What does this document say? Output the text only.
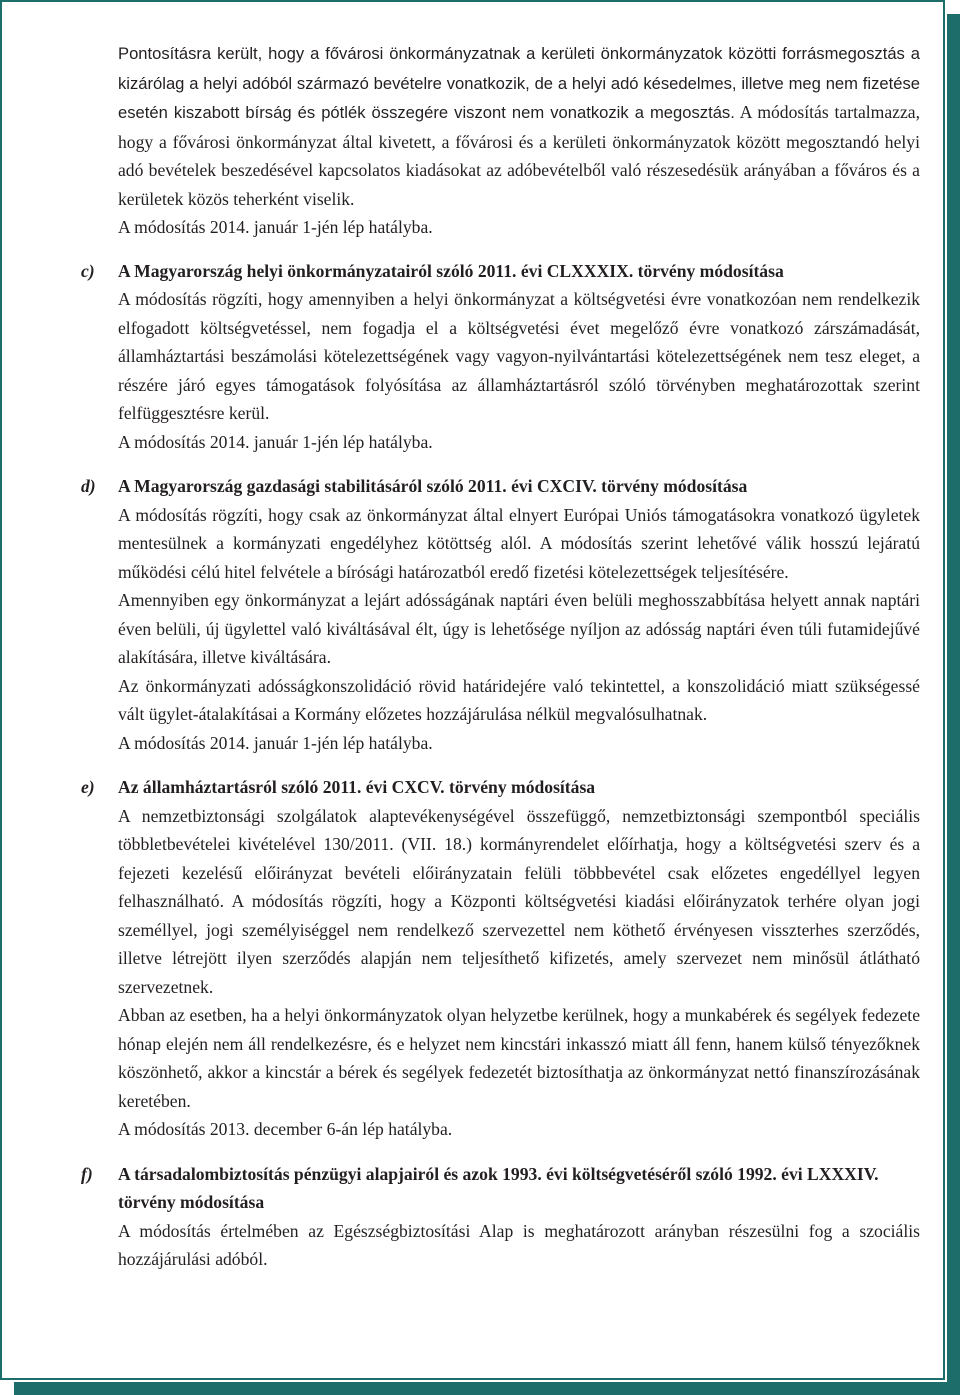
Pontosításra került, hogy a fővárosi önkormányzatnak a kerületi önkormányzatok közötti forrásmegosztás a kizárólag a helyi adóból származó bevételre vonatkozik, de a helyi adó késedelmes, illetve meg nem fizetése esetén kiszabott bírság és pótlék összegére viszont nem vonatkozik a megosztás. A módosítás tartalmazza, hogy a fővárosi önkormányzat által kivetett, a fővárosi és a kerületi önkormányzatok között megosztandó helyi adó bevételek beszedésével kapcsolatos kiadásokat az adóbevételből való részesedésük arányában a főváros és a kerületek közös teherként viselik.

A módosítás 2014. január 1-jén lép hatályba.

c) A Magyarország helyi önkormányzatairól szóló 2011. évi CLXXXIX. törvény módosítása

A módosítás rögzíti, hogy amennyiben a helyi önkormányzat a költségvetési évre vonatkozóan nem rendelkezik elfogadott költségvetéssel, nem fogadja el a költségvetési évet megelőző évre vonatkozó zárszámadását, államháztartási beszámolási kötelezettségének vagy vagyon-nyilvántartási kötelezettségének nem tesz eleget, a részére járó egyes támogatások folyósítása az államháztartásról szóló törvényben meghatározottak szerint felfüggesztésre kerül.

A módosítás 2014. január 1-jén lép hatályba.

d) A Magyarország gazdasági stabilitásáról szóló 2011. évi CXCIV. törvény módosítása

A módosítás rögzíti, hogy csak az önkormányzat által elnyert Európai Uniós támogatásokra vonatkozó ügyletek mentesülnek a kormányzati engedélyhez kötöttség alól. A módosítás szerint lehetővé válik hosszú lejáratú működési célú hitel felvétele a bírósági határozatból eredő fizetési kötelezettségek teljesítésére.

Amennyiben egy önkormányzat a lejárt adósságának naptári éven belüli meghosszabbítása helyett annak naptári éven belüli, új ügylettel való kiváltásával élt, úgy is lehetősége nyíljon az adósság naptári éven túli futamidejűvé alakítására, illetve kiváltására.

Az önkormányzati adósságkonszolidáció rövid határidejére való tekintettel, a konszolidáció miatt szükségessé vált ügylet-átalakításai a Kormány előzetes hozzájárulása nélkül megvalósulhatnak.

A módosítás 2014. január 1-jén lép hatályba.

e) Az államháztartásról szóló 2011. évi CXCV. törvény módosítása

A nemzetbiztonsági szolgálatok alaptevékenységével összefüggő, nemzetbiztonsági szempontból speciális többletbevételei kivételével 130/2011. (VII. 18.) kormányrendelet előírhatja, hogy a költségvetési szerv és a fejezeti kezelésű előirányzat bevételi előirányzatain felüli többbevétel csak előzetes engedéllyel legyen felhasználható. A módosítás rögzíti, hogy a Központi költségvetési kiadási előirányzatok terhére olyan jogi személlyel, jogi személyiséggel nem rendelkező szervezettel nem köthető érvényesen visszterhes szerződés, illetve létrejött ilyen szerződés alapján nem teljesíthető kifizetés, amely szervezet nem minősül átlátható szervezetnek.

Abban az esetben, ha a helyi önkormányzatok olyan helyzetbe kerülnek, hogy a munkabérek és segélyek fedezete hónap elején nem áll rendelkezésre, és e helyzet nem kincstári inkasszó miatt áll fenn, hanem külső tényezőknek köszönhető, akkor a kincstár a bérek és segélyek fedezetét biztosíthatja az önkormányzat nettó finanszírozásának keretében.

A módosítás 2013. december 6-án lép hatályba.

f) A társadalombiztosítás pénzügyi alapjairól és azok 1993. évi költségvetéséről szóló 1992. évi LXXXIV. törvény módosítása

A módosítás értelmében az Egészségbiztosítási Alap is meghatározott arányban részesülni fog a szociális hozzájárulási adóból.
